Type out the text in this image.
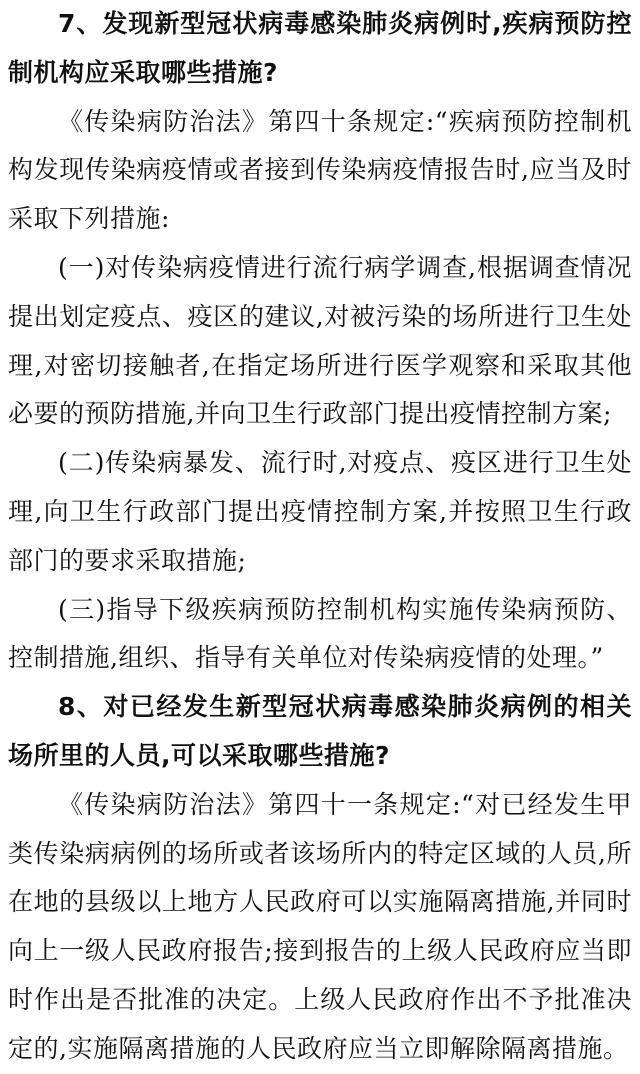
7、发现新型冠状病毒感染肺炎病例时,疾病预防控制机构应采取哪些措施?

《传染病防治法》第四十条规定:“疾病预防控制机构发现传染病疫情或者接到传染病疫情报告时,应当及时采取下列措施:

(一)对传染病疫情进行流行病学调查,根据调查情况提出划定疫点、疫区的建议,对被污染的场所进行卫生处理,对密切接触者,在指定场所进行医学观察和采取其他必要的预防措施,并向卫生行政部门提出疫情控制方案;

(二)传染病暴发、流行时,对疫点、疫区进行卫生处理,向卫生行政部门提出疫情控制方案,并按照卫生行政部门的要求采取措施;

(三)指导下级疾病预防控制机构实施传染病预防、控制措施,组织、指导有关单位对传染病疫情的处理。”

8、对已经发生新型冠状病毒感染肺炎病例的相关场所里的人员,可以采取哪些措施?

《传染病防治法》第四十一条规定:“对已经发生甲类传染病病例的场所或者该场所内的特定区域的人员,所在地的县级以上地方人民政府可以实施隔离措施,并同时向上一级人民政府报告;接到报告的上级人民政府应当即时作出是否批准的决定。上级人民政府作出不予批准决定的,实施隔离措施的人民政府应当立即解除隔离措施。
